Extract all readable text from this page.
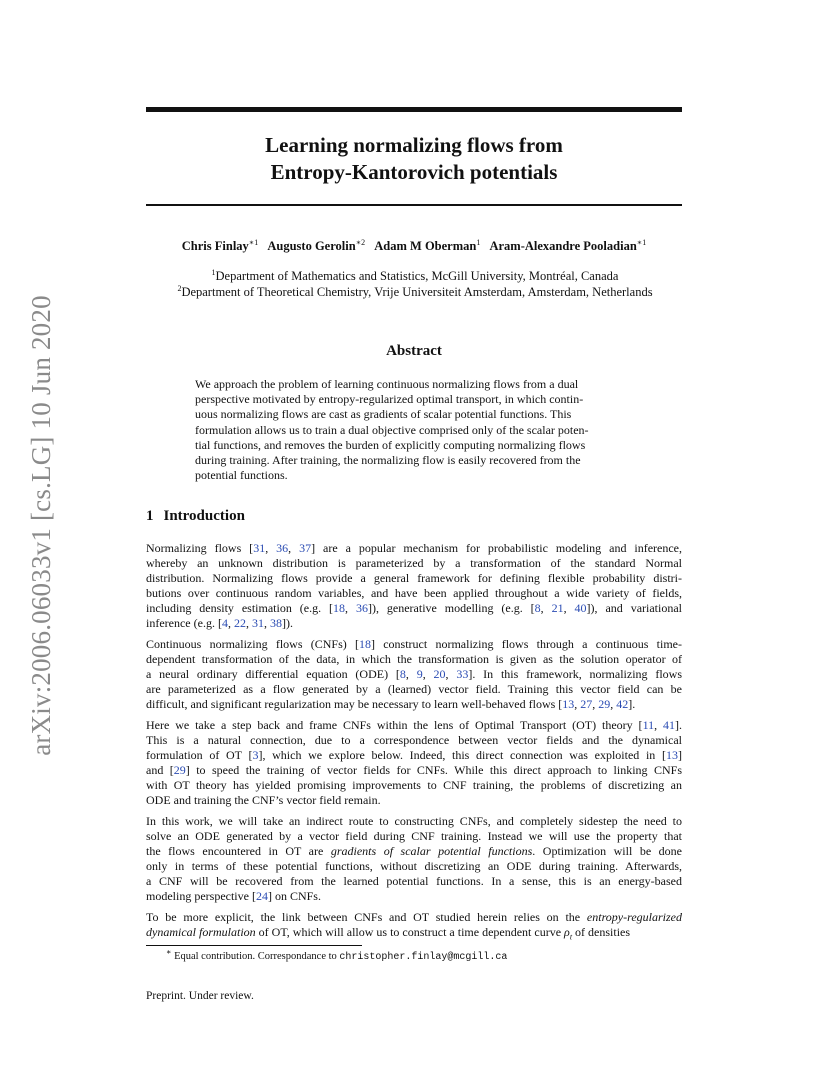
arXiv:2006.06033v1 [cs.LG] 10 Jun 2020
Learning normalizing flows from
Entropy-Kantorovich potentials
Chris Finlay$^{∗1}$ Augusto Gerolin$^{∗2}$ Adam M Oberman$^1$ Aram-Alexandre Pooladian$^{∗1}$
$^1$Department of Mathematics and Statistics, McGill University, Montréal, Canada
$^2$Department of Theoretical Chemistry, Vrije Universiteit Amsterdam, Amsterdam, Netherlands
Abstract
We approach the problem of learning continuous normalizing flows from a dual
perspective motivated by entropy-regularized optimal transport, in which contin-
uous normalizing flows are cast as gradients of scalar potential functions. This
formulation allows us to train a dual objective comprised only of the scalar poten-
tial functions, and removes the burden of explicitly computing normalizing flows
during training. After training, the normalizing flow is easily recovered from the
potential functions.
1 Introduction
Normalizing flows [31, 36, 37] are a popular mechanism for probabilistic modeling and inference,
whereby an unknown distribution is parameterized by a transformation of the standard Normal
distribution. Normalizing flows provide a general framework for defining flexible probability distri-
butions over continuous random variables, and have been applied throughout a wide variety of fields,
including density estimation (e.g. [18, 36]), generative modelling (e.g. [8, 21, 40]), and variational
inference (e.g. [4, 22, 31, 38]).
Continuous normalizing flows (CNFs) [18] construct normalizing flows through a continuous time-
dependent transformation of the data, in which the transformation is given as the solution operator of
a neural ordinary differential equation (ODE) [8, 9, 20, 33]. In this framework, normalizing flows
are parameterized as a flow generated by a (learned) vector field. Training this vector field can be
difficult, and significant regularization may be necessary to learn well-behaved flows [13, 27, 29, 42].
Here we take a step back and frame CNFs within the lens of Optimal Transport (OT) theory [11, 41].
This is a natural connection, due to a correspondence between vector fields and the dynamical
formulation of OT [3], which we explore below. Indeed, this direct connection was exploited in [13]
and [29] to speed the training of vector fields for CNFs. While this direct approach to linking CNFs
with OT theory has yielded promising improvements to CNF training, the problems of discretizing an
ODE and training the CNF’s vector field remain.
In this work, we will take an indirect route to constructing CNFs, and completely sidestep the need to
solve an ODE generated by a vector field during CNF training. Instead we will use the property that
the flows encountered in OT are gradients of scalar potential functions. Optimization will be done
only in terms of these potential functions, without discretizing an ODE during training. Afterwards,
a CNF will be recovered from the learned potential functions. In a sense, this is an energy-based
modeling perspective [24] on CNFs.
To be more explicit, the link between CNFs and OT studied herein relies on the entropy-regularized
dynamical formulation of OT, which will allow us to construct a time dependent curve $\rho_t$ of densities
∗ Equal contribution. Correspondance to christopher.finlay@mcgill.ca
Preprint. Under review.
